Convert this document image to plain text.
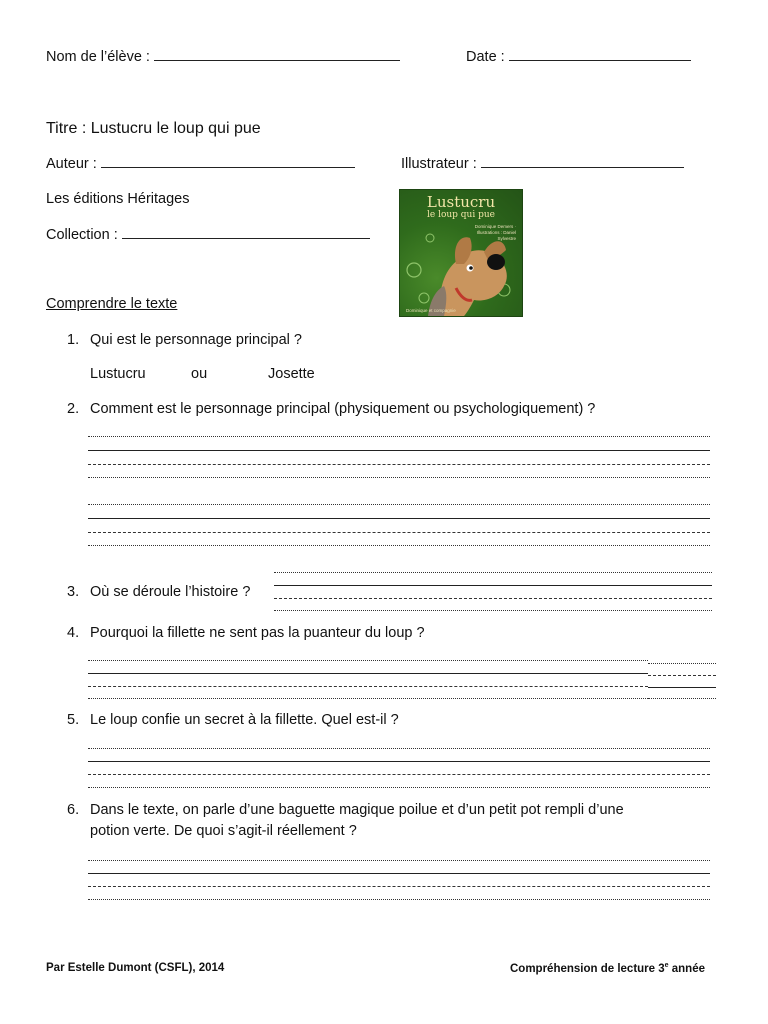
Nom de l’élève :	Date :
Titre : Lustucru le loup qui pue
Auteur :	Illustrateur :
Les éditions Héritages
Collection :
Lustucru
le loup qui pue
Dominique Demers · Illustrations : Daniel Sylvestre
Dominique et compagnie
Comprendre le texte
1. Qui est le personnage principal ?
Lustucru	ou	Josette
2. Comment est le personnage principal (physiquement ou psychologiquement) ?
3. Où se déroule l’histoire ?
4. Pourquoi la fillette ne sent pas la puanteur du loup ?
5. Le loup confie un secret à la fillette. Quel est-il ?
6. Dans le texte, on parle d’une baguette magique poilue et d’un petit pot rempli d’une
potion verte. De quoi s’agit-il réellement ?
Par Estelle Dumont (CSFL), 2014	Compréhension de lecture 3e année
